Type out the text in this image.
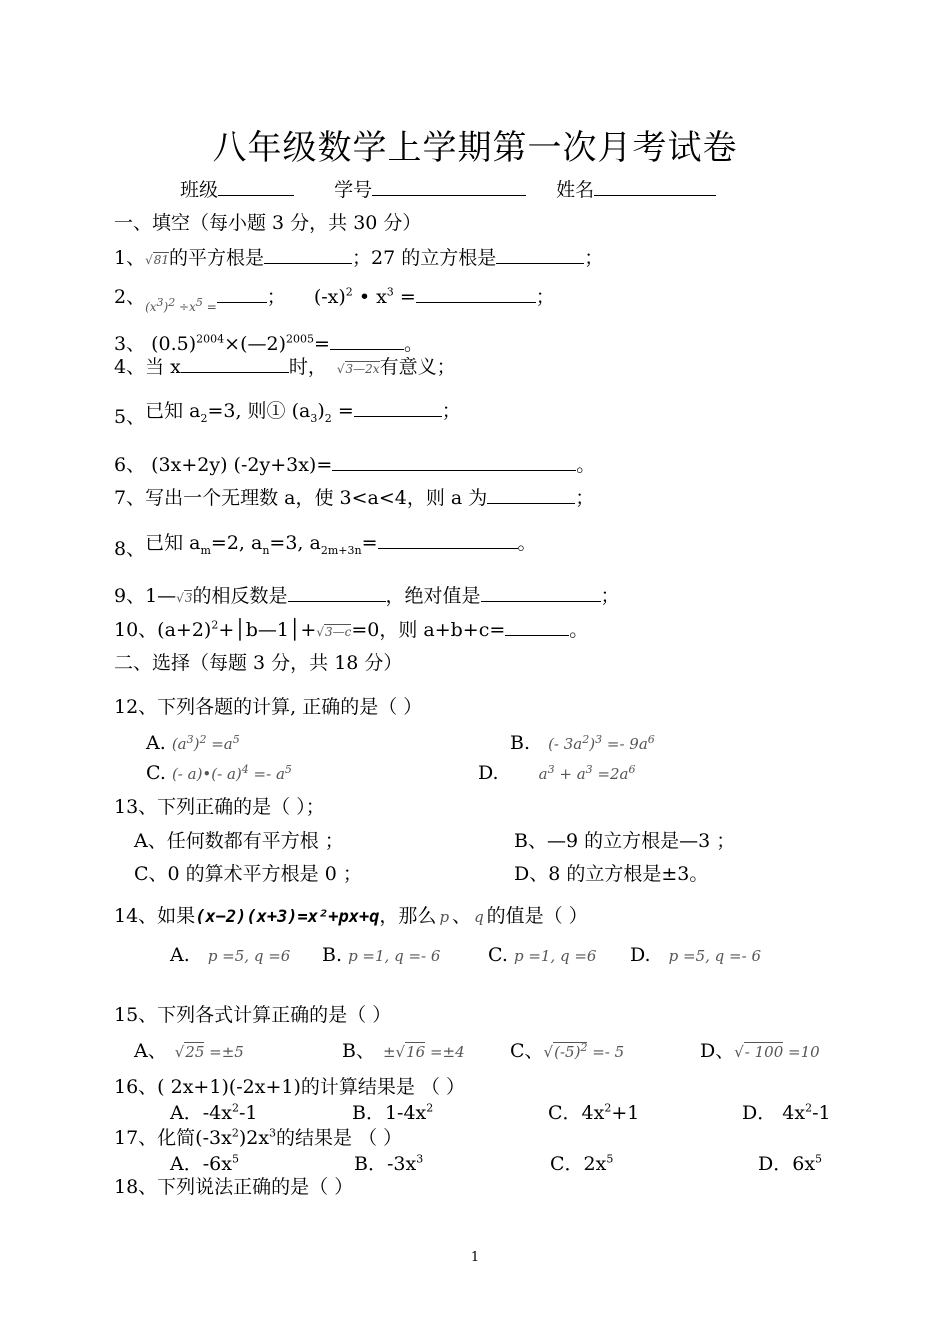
八年级数学上学期第一次月考试卷
班级	学号	姓名
一、填空（每小题 3 分，共 30 分）
1、√81的平方根是	；27 的立方根是	；
2、$_{(x^3)^2 \div x^5 =}$	； $(-x)^2$ • $x^3$ =	；
3、 $(0.5)^{2004}\times(—2)^{2005}=$	。
4、当 x	时， √3—2x有意义；
5、已知 $a_2=3$, 则① $(a_3)_2$ =	；
6、 (3x+2y) (-2y+3x)=	。
7、写出一个无理数 a，使 3<a<4，则 a 为	；
8、已知 $a_m=2$, $a_n=3$, $a_{2m+3n}=$	。
9、1—√3的相反数是	，绝对值是	；
10、$(a+2)^2+│b—1│+√3—c=0$，则 a+b+c=	。
二、选择（每题 3 分，共 18 分）
12、下列各题的计算, 正确的是（ ）
A. $(a^3)^2 =a^5$	B. (- $3a^2)^3 =- 9a^6$
C. (- a)•(- $a)^4 =- a^5$	D.	$a^3 + a^3 =2a^6$
13、下列正确的是（ ）；
A、任何数都有平方根 ；	B、—9 的立方根是—3 ；
C、0 的算术平方根是 0 ；	D、8 的立方根是±3。
14、如果(x−2)(x+3)=x²+px+q，那么 p 、 q 的值是（ ）
A. p =5, q =6 B. p =1, q =- 6	C. p =1, q =6 D. p =5, q =- 6
15、下列各式计算正确的是（ ）
A、 √25 =±5	B、 ±√16 =±4 C、$√(-5)^2 =- 5$	D、√- 100 =10
16、( 2x+1)(-2x+1)的计算结果是 （ ）
A．$-4x^2-1$	B．$1-4x^2$	C．$4x^2+1$	D． $4x^2-1$
17、化简$(-3x^2)2x^3$的结果是 （ ）
A．$-6x^5$	B．$-3x^3$	C．$2x^5$	D．$6x^5$
18、下列说法正确的是（ ）
1
